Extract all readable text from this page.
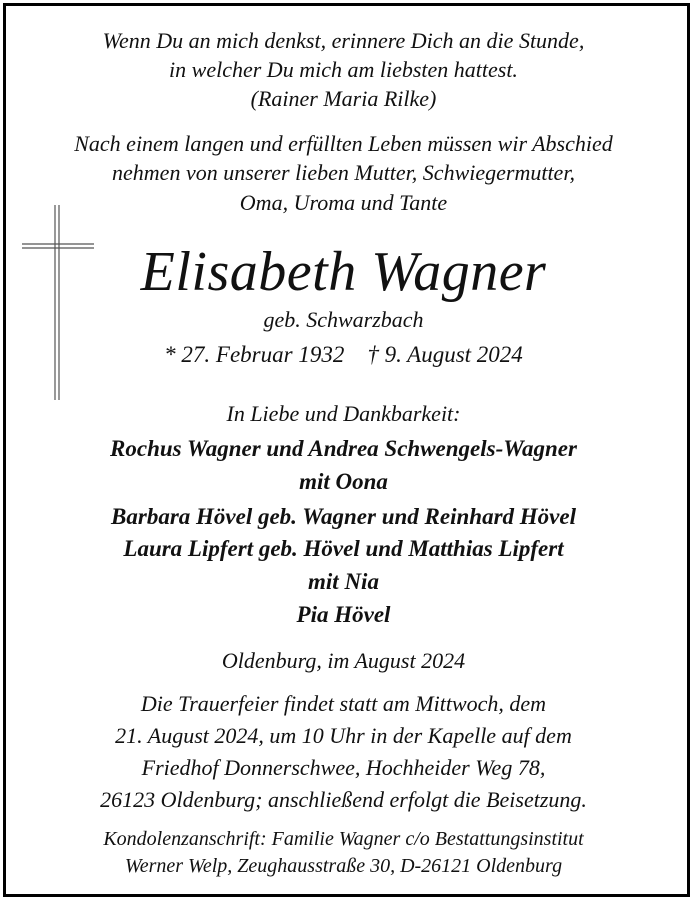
Wenn Du an mich denkst, erinnere Dich an die Stunde,
in welcher Du mich am liebsten hattest.
(Rainer Maria Rilke)
Nach einem langen und erfüllten Leben müssen wir Abschied
nehmen von unserer lieben Mutter, Schwiegermutter,
Oma, Uroma und Tante
Elisabeth Wagner
geb. Schwarzbach
* 27. Februar 1932    † 9. August 2024
In Liebe und Dankbarkeit:
Rochus Wagner und Andrea Schwengels-Wagner
mit Oona
Barbara Hövel geb. Wagner und Reinhard Hövel
Laura Lipfert geb. Hövel und Matthias Lipfert
mit Nia
Pia Hövel
Oldenburg, im August 2024
Die Trauerfeier findet statt am Mittwoch, dem
21. August 2024, um 10 Uhr in der Kapelle auf dem
Friedhof Donnerschwee, Hochheider Weg 78,
26123 Oldenburg; anschließend erfolgt die Beisetzung.
Kondolenzanschrift: Familie Wagner c/o Bestattungsinstitut
Werner Welp, Zeughausstraße 30, D-26121 Oldenburg
